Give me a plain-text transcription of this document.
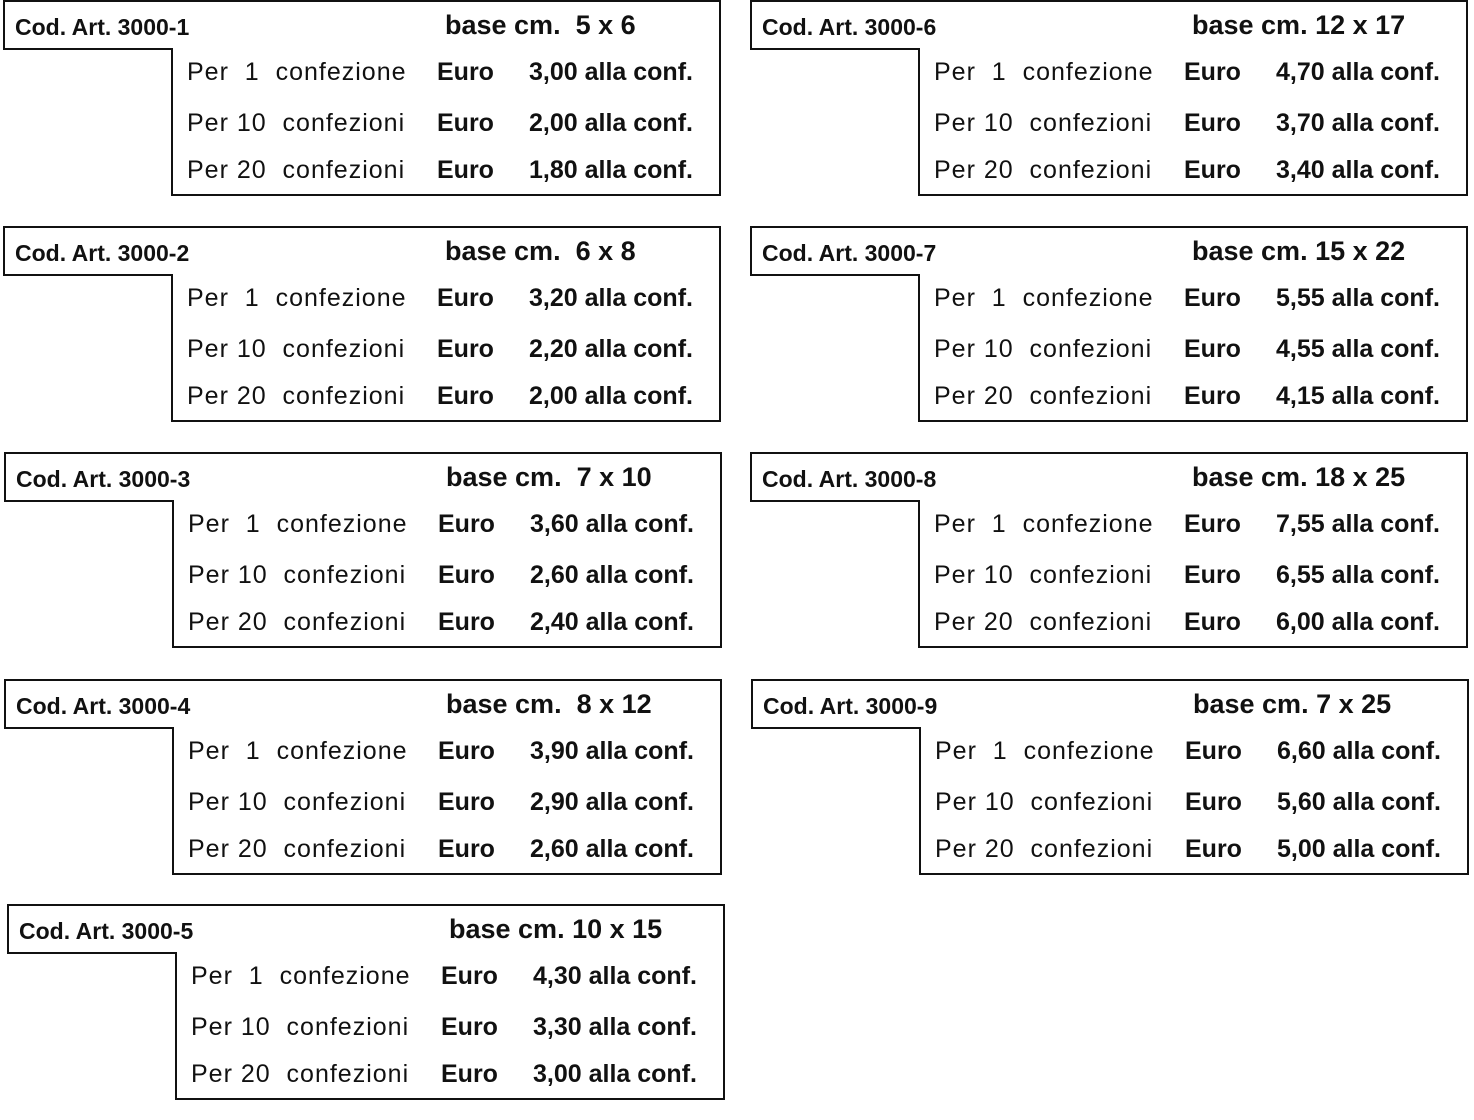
Cod. Art. 3000-1	base cm.  5 x 6
Per  1  confezione Euro 3,00 alla conf.
Per 10  confezioni Euro 2,00 alla conf.
Per 20  confezioni Euro 1,80 alla conf.
Cod. Art. 3000-2	base cm.  6 x 8
Per  1  confezione Euro 3,20 alla conf.
Per 10  confezioni Euro 2,20 alla conf.
Per 20  confezioni Euro 2,00 alla conf.
Cod. Art. 3000-3	base cm.  7 x 10
Per  1  confezione Euro 3,60 alla conf.
Per 10  confezioni Euro 2,60 alla conf.
Per 20  confezioni Euro 2,40 alla conf.
Cod. Art. 3000-4	base cm.  8 x 12
Per  1  confezione Euro 3,90 alla conf.
Per 10  confezioni Euro 2,90 alla conf.
Per 20  confezioni Euro 2,60 alla conf.
Cod. Art. 3000-5	base cm. 10 x 15
Per  1  confezione Euro 4,30 alla conf.
Per 10  confezioni Euro 3,30 alla conf.
Per 20  confezioni Euro 3,00 alla conf.
Cod. Art. 3000-6	base cm. 12 x 17
Per  1  confezione Euro 4,70 alla conf.
Per 10  confezioni Euro 3,70 alla conf.
Per 20  confezioni Euro 3,40 alla conf.
Cod. Art. 3000-7	base cm. 15 x 22
Per  1  confezione Euro 5,55 alla conf.
Per 10  confezioni Euro 4,55 alla conf.
Per 20  confezioni Euro 4,15 alla conf.
Cod. Art. 3000-8	base cm. 18 x 25
Per  1  confezione Euro 7,55 alla conf.
Per 10  confezioni Euro 6,55 alla conf.
Per 20  confezioni Euro 6,00 alla conf.
Cod. Art. 3000-9	base cm. 7 x 25
Per  1  confezione Euro 6,60 alla conf.
Per 10  confezioni Euro 5,60 alla conf.
Per 20  confezioni Euro 5,00 alla conf.
